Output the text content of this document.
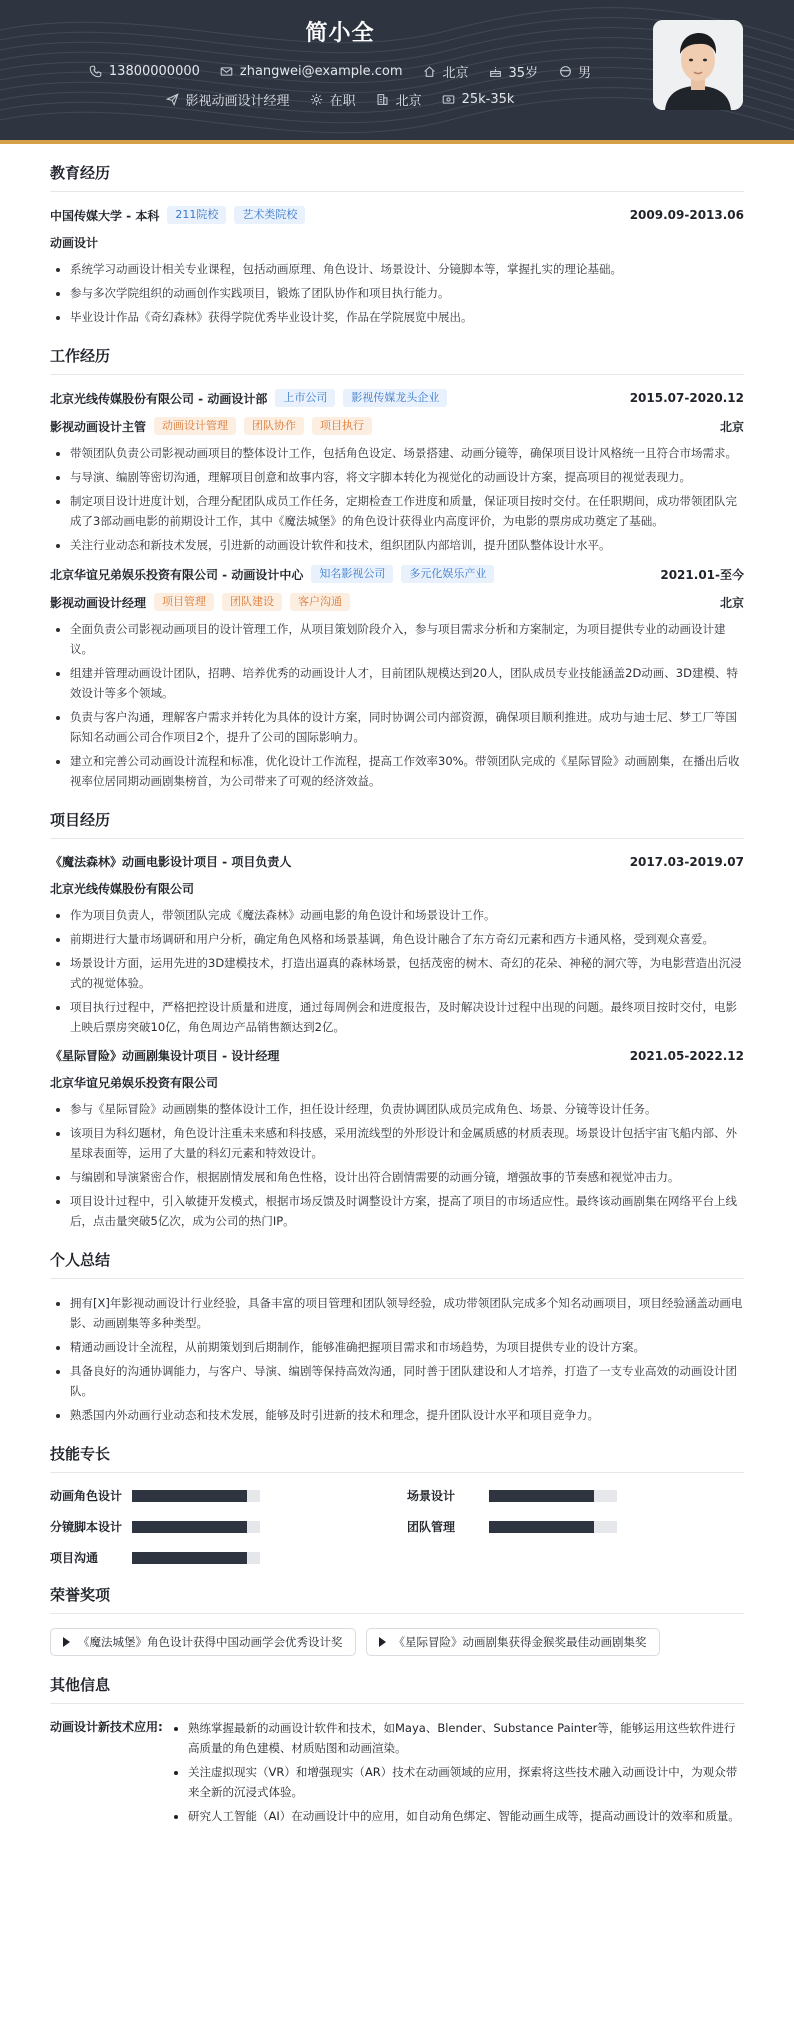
简小全
13800000000	zhangwei@example.com	北京	35岁	男
影视动画设计经理	在职	北京	25k-35k
教育经历
中国传媒大学 - 本科	211院校	艺术类院校	2009.09-2013.06
动画设计
• 系统学习动画设计相关专业课程，包括动画原理、角色设计、场景设计、分镜脚本等，掌握扎实的理论基础。
• 参与多次学院组织的动画创作实践项目，锻炼了团队协作和项目执行能力。
• 毕业设计作品《奇幻森林》获得学院优秀毕业设计奖，作品在学院展览中展出。
工作经历
北京光线传媒股份有限公司 - 动画设计部	上市公司	影视传媒龙头企业	2015.07-2020.12
影视动画设计主管	动画设计管理	团队协作	项目执行	北京
• 带领团队负责公司影视动画项目的整体设计工作，包括角色设定、场景搭建、动画分镜等，确保项目设计风格统一且符合市场需求。
• 与导演、编剧等密切沟通，理解项目创意和故事内容，将文字脚本转化为视觉化的动画设计方案，提高项目的视觉表现力。
• 制定项目设计进度计划，合理分配团队成员工作任务，定期检查工作进度和质量，保证项目按时交付。在任职期间，成功带领团队完成了3部动画电影的前期设计工作，其中《魔法城堡》的角色设计获得业内高度评价，为电影的票房成功奠定了基础。
• 关注行业动态和新技术发展，引进新的动画设计软件和技术，组织团队内部培训，提升团队整体设计水平。
北京华谊兄弟娱乐投资有限公司 - 动画设计中心	知名影视公司	多元化娱乐产业	2021.01-至今
影视动画设计经理	项目管理	团队建设	客户沟通	北京
• 全面负责公司影视动画项目的设计管理工作，从项目策划阶段介入，参与项目需求分析和方案制定，为项目提供专业的动画设计建议。
• 组建并管理动画设计团队，招聘、培养优秀的动画设计人才，目前团队规模达到20人，团队成员专业技能涵盖2D动画、3D建模、特效设计等多个领域。
• 负责与客户沟通，理解客户需求并转化为具体的设计方案，同时协调公司内部资源，确保项目顺利推进。成功与迪士尼、梦工厂等国际知名动画公司合作项目2个，提升了公司的国际影响力。
• 建立和完善公司动画设计流程和标准，优化设计工作流程，提高工作效率30%。带领团队完成的《星际冒险》动画剧集，在播出后收视率位居同期动画剧集榜首，为公司带来了可观的经济效益。
项目经历
《魔法森林》动画电影设计项目 - 项目负责人	2017.03-2019.07
北京光线传媒股份有限公司
• 作为项目负责人，带领团队完成《魔法森林》动画电影的角色设计和场景设计工作。
• 前期进行大量市场调研和用户分析，确定角色风格和场景基调，角色设计融合了东方奇幻元素和西方卡通风格，受到观众喜爱。
• 场景设计方面，运用先进的3D建模技术，打造出逼真的森林场景，包括茂密的树木、奇幻的花朵、神秘的洞穴等，为电影营造出沉浸式的视觉体验。
• 项目执行过程中，严格把控设计质量和进度，通过每周例会和进度报告，及时解决设计过程中出现的问题。最终项目按时交付，电影上映后票房突破10亿，角色周边产品销售额达到2亿。
《星际冒险》动画剧集设计项目 - 设计经理	2021.05-2022.12
北京华谊兄弟娱乐投资有限公司
• 参与《星际冒险》动画剧集的整体设计工作，担任设计经理，负责协调团队成员完成角色、场景、分镜等设计任务。
• 该项目为科幻题材，角色设计注重未来感和科技感，采用流线型的外形设计和金属质感的材质表现。场景设计包括宇宙飞船内部、外星球表面等，运用了大量的科幻元素和特效设计。
• 与编剧和导演紧密合作，根据剧情发展和角色性格，设计出符合剧情需要的动画分镜，增强故事的节奏感和视觉冲击力。
• 项目设计过程中，引入敏捷开发模式，根据市场反馈及时调整设计方案，提高了项目的市场适应性。最终该动画剧集在网络平台上线后，点击量突破5亿次，成为公司的热门IP。
个人总结
• 拥有[X]年影视动画设计行业经验，具备丰富的项目管理和团队领导经验，成功带领团队完成多个知名动画项目，项目经验涵盖动画电影、动画剧集等多种类型。
• 精通动画设计全流程，从前期策划到后期制作，能够准确把握项目需求和市场趋势，为项目提供专业的设计方案。
• 具备良好的沟通协调能力，与客户、导演、编剧等保持高效沟通，同时善于团队建设和人才培养，打造了一支专业高效的动画设计团队。
• 熟悉国内外动画行业动态和技术发展，能够及时引进新的技术和理念，提升团队设计水平和项目竞争力。
技能专长
动画角色设计	场景设计
分镜脚本设计	团队管理
项目沟通
荣誉奖项
《魔法城堡》角色设计获得中国动画学会优秀设计奖	《星际冒险》动画剧集获得金猴奖最佳动画剧集奖
其他信息
动画设计新技术应用:
•	熟练掌握最新的动画设计软件和技术，如Maya、Blender、Substance Painter等，能够运用这些软件进行高质量的角色建模、材质贴图和动画渲染。
• 关注虚拟现实（VR）和增强现实（AR）技术在动画领域的应用，探索将这些技术融入动画设计中，为观众带来全新的沉浸式体验。
• 研究人工智能（AI）在动画设计中的应用，如自动角色绑定、智能动画生成等，提高动画设计的效率和质量。
